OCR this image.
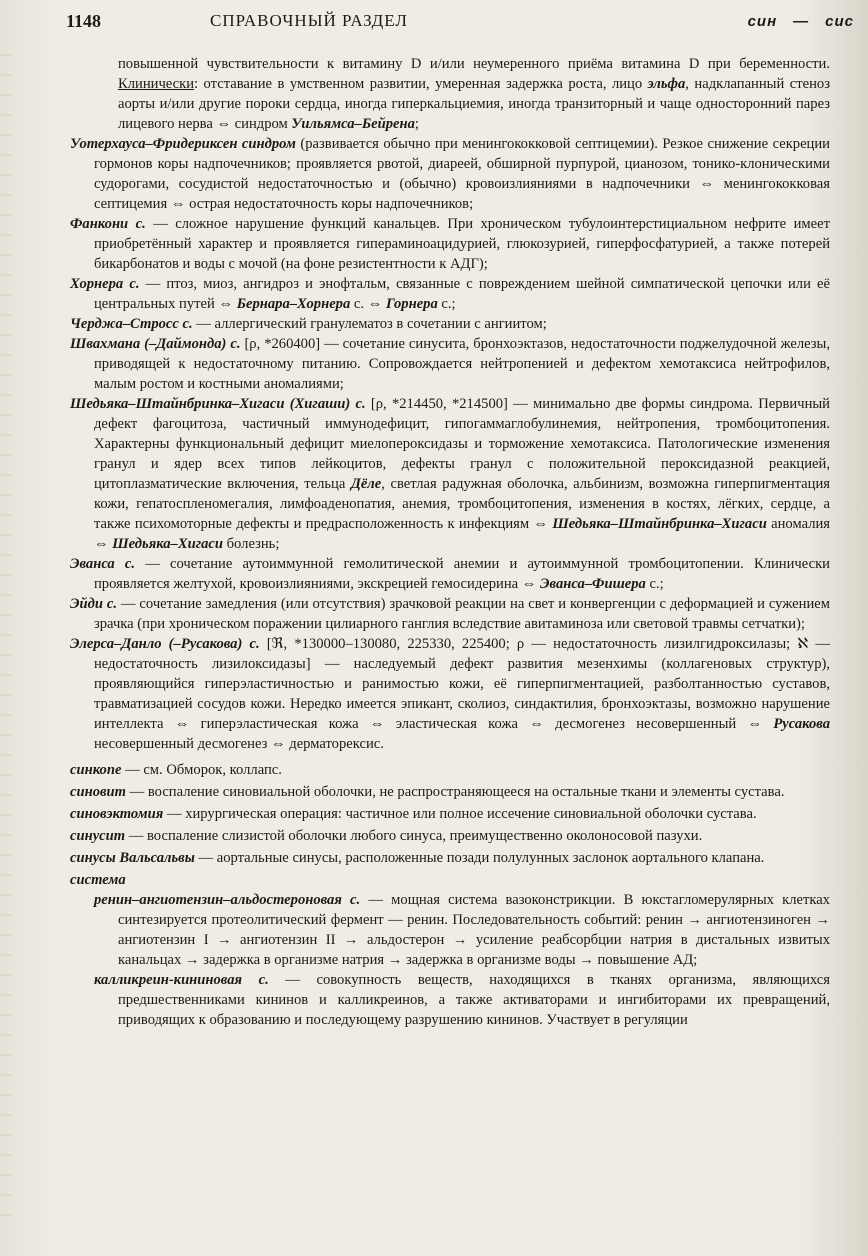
1148	СПРАВОЧНЫЙ РАЗДЕЛ	син — сис

повышенной чувствительности к витамину D и/или неумеренного приёма витамина D при беременности. Клинически: отставание в умственном развитии, умеренная задержка роста, лицо эльфа, надклапанный стеноз аорты и/или другие пороки сердца, иногда гиперкальциемия, иногда транзиторный и чаще односторонний парез лицевого нерва ⇔ синдром Уильямса–Бейрена;

Уотерхауса–Фридериксен синдром (развивается обычно при менингококковой септицемии). Резкое снижение секреции гормонов коры надпочечников; проявляется рвотой, диареей, обширной пурпурой, цианозом, тонико-клоническими судорогами, сосудистой недостаточностью и (обычно) кровоизлияниями в надпочечники ⇔ менингококковая септицемия ⇔ острая недостаточность коры надпочечников;

Фанкони с. — сложное нарушение функций канальцев. При хроническом тубулоинтерстициальном нефрите имеет приобретённый характер и проявляется гипераминоацидурией, глюкозурией, гиперфосфатурией, а также потерей бикарбонатов и воды с мочой (на фоне резистентности к АДГ);

Хорнера с. — птоз, миоз, ангидроз и энофтальм, связанные с повреждением шейной симпатической цепочки или её центральных путей ⇔ Бернара–Хорнера с. ⇔ Горнера с.;

Черджа–Стросс с. — аллергический гранулематоз в сочетании с ангиитом;

Швахмана (–Даймонда) с. [ρ, *260400] — сочетание синусита, бронхоэктазов, недостаточности поджелудочной железы, приводящей к недостаточному питанию. Сопровождается нейтропенией и дефектом хемотаксиса нейтрофилов, малым ростом и костными аномалиями;

Шедьяка–Штайнбринка–Хигаси (Хигаши) с. [ρ, *214450, *214500] — минимально две формы синдрома. Первичный дефект фагоцитоза, частичный иммунодефицит, гипогаммаглобулинемия, нейтропения, тромбоцитопения. Характерны функциональный дефицит миелопероксидазы и торможение хемотаксиса. Патологические изменения гранул и ядер всех типов лейкоцитов, дефекты гранул с положительной пероксидазной реакцией, цитоплазматические включения, тельца Дёле, светлая радужная оболочка, альбинизм, возможна гиперпигментация кожи, гепатоспленомегалия, лимфоаденопатия, анемия, тромбоцитопения, изменения в костях, лёгких, сердце, а также психомоторные дефекты и предрасположенность к инфекциям ⇔ Шедьяка–Штайнбринка–Хигаси аномалия ⇔ Шедьяка–Хигаси болезнь;

Эванса с. — сочетание аутоиммунной гемолитической анемии и аутоиммунной тромбоцитопении. Клинически проявляется желтухой, кровоизлияниями, экскрецией гемосидерина ⇔ Эванса–Фишера с.;

Эйди с. — сочетание замедления (или отсутствия) зрачковой реакции на свет и конвергенции с деформацией и сужением зрачка (при хроническом поражении цилиарного ганглия вследствие авитаминоза или световой травмы сетчатки);

Элерса–Данло (–Русакова) с. [ℜ, *130000–130080, 225330, 225400; ρ — недостаточность лизилгидроксилазы; ℵ — недостаточность лизилоксидазы] — наследуемый дефект развития мезенхимы (коллагеновых структур), проявляющийся гиперэластичностью и ранимостью кожи, её гиперпигментацией, разболтанностью суставов, травматизацией сосудов кожи. Нередко имеется эпикант, сколиоз, синдактилия, бронхоэктазы, возможно нарушение интеллекта ⇔ гиперэластическая кожа ⇔ эластическая кожа ⇔ десмогенез несовершенный ⇔ Русакова несовершенный десмогенез ⇔ дерматорексис.

синкопе — см. Обморок, коллапс.

синовит — воспаление синовиальной оболочки, не распространяющееся на остальные ткани и элементы сустава.

синовэктомия — хирургическая операция: частичное или полное иссечение синовиальной оболочки сустава.

синусит — воспаление слизистой оболочки любого синуса, преимущественно околоносовой пазухи.

синусы Вальсальвы — аортальные синусы, расположенные позади полулунных заслонок аортального клапана.

система

ренин–ангиотензин–альдостероновая с. — мощная система вазоконстрикции. В юкстагломерулярных клетках синтезируется протеолитический фермент — ренин. Последовательность событий: ренин → ангиотензиноген → ангиотензин I → ангиотензин II → альдостерон → усиление реабсорбции натрия в дистальных извитых канальцах → задержка в организме натрия → задержка в организме воды → повышение АД;

калликреин-кининовая с. — совокупность веществ, находящихся в тканях организма, являющихся предшественниками кининов и калликреинов, а также активаторами и ингибиторами их превращений, приводящих к образованию и последующему разрушению кининов. Участвует в регуляции
